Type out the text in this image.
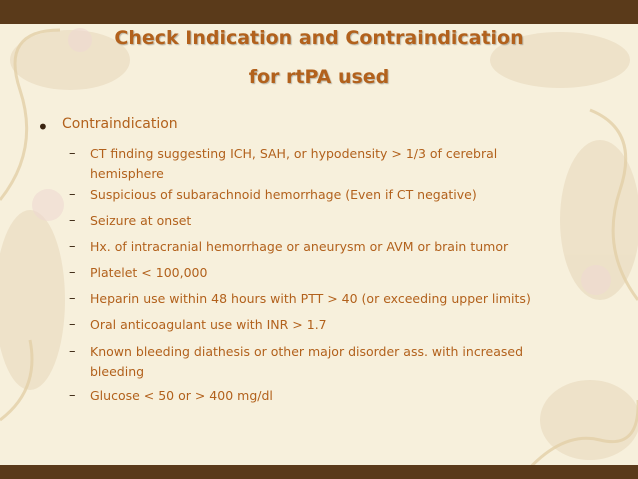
Check Indication and Contraindication
for rtPA used
• Contraindication
– CT finding suggesting ICH, SAH, or hypodensity > 1/3 of cerebral hemisphere
– Suspicious of subarachnoid hemorrhage (Even if CT negative)
– Seizure at onset
– Hx. of intracranial hemorrhage or aneurysm or AVM or brain tumor
– Platelet < 100,000
– Heparin use within 48 hours with PTT > 40 (or exceeding upper limits)
– Oral anticoagulant use with INR > 1.7
– Known bleeding diathesis or other major disorder ass. with increased bleeding
– Glucose < 50 or > 400 mg/dl
